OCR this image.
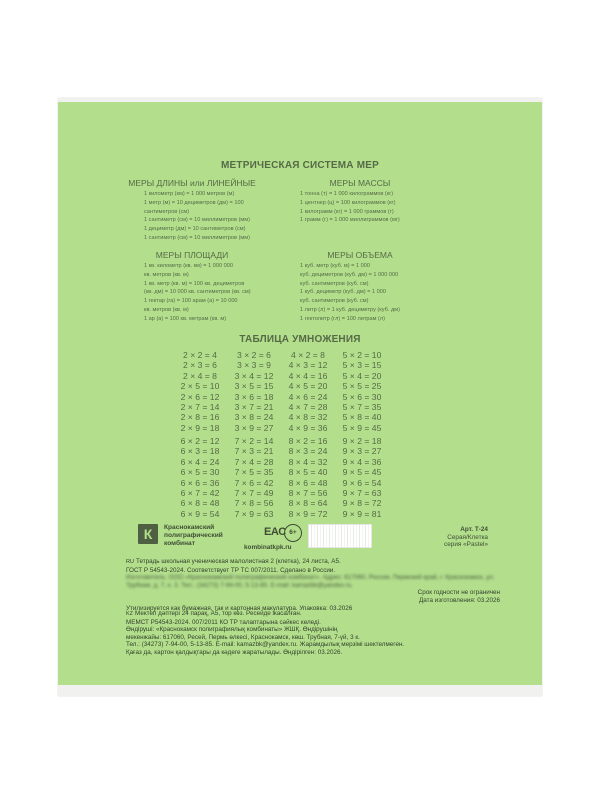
МЕТРИЧЕСКАЯ СИСТЕМА МЕР
МЕРЫ ДЛИНЫ или ЛИНЕЙНЫЕ
1 километр (км) = 1 000 метров (м)
1 метр (м) = 10 дециметров (дм) = 100
сантиметров (см)
1 сантиметр (см) = 10 миллиметров (мм)
1 дециметр (дм) = 10 сантиметров (см)
1 сантиметр (см) = 10 миллиметров (мм)
МЕРЫ МАССЫ
1 тонна (т) = 1 000 килограммов (кг)
1 центнер (ц) = 100 килограммов (кг)
1 килограмм (кг) = 1 000 граммов (г)
1 грамм (г) = 1 000 миллиграммов (мг)
МЕРЫ ПЛОЩАДИ
1 кв. километр (кв. км) = 1 000 000
кв. метров (кв. м)
1 кв. метр (кв. м) = 100 кв. дециметров
(кв. дм) = 10 000 кв. сантиметров (кв. см)
1 гектар (га) = 100 арам (а) = 10 000
кв. метров (кв. м)
1 ар (а) = 100 кв. метрам (кв. м)
МЕРЫ ОБЪЕМА
1 куб. метр (куб. м) = 1 000
куб. дециметров (куб. дм) = 1 000 000
куб. сантиметров (куб. см)
1 куб. дециметр (куб. дм) = 1 000
куб. сантиметров (куб. см)
1 литр (л) = 1 куб. дециметру (куб. дм)
1 гектолитр (гл) = 100 литрам (л)
ТАБЛИЦА УМНОЖЕНИЯ
2 × 2 = 4
2 × 3 = 6
2 × 4 = 8
2 × 5 = 10
2 × 6 = 12
2 × 7 = 14
2 × 8 = 16
2 × 9 = 18
3 × 2 = 6
3 × 3 = 9
3 × 4 = 12
3 × 5 = 15
3 × 6 = 18
3 × 7 = 21
3 × 8 = 24
3 × 9 = 27
4 × 2 = 8
4 × 3 = 12
4 × 4 = 16
4 × 5 = 20
4 × 6 = 24
4 × 7 = 28
4 × 8 = 32
4 × 9 = 36
5 × 2 = 10
5 × 3 = 15
5 × 4 = 20
5 × 5 = 25
5 × 6 = 30
5 × 7 = 35
5 × 8 = 40
5 × 9 = 45
6 × 2 = 12
6 × 3 = 18
6 × 4 = 24
6 × 5 = 30
6 × 6 = 36
6 × 7 = 42
6 × 8 = 48
6 × 9 = 54
7 × 2 = 14
7 × 3 = 21
7 × 4 = 28
7 × 5 = 35
7 × 6 = 42
7 × 7 = 49
7 × 8 = 56
7 × 9 = 63
8 × 2 = 16
8 × 3 = 24
8 × 4 = 32
8 × 5 = 40
8 × 6 = 48
8 × 7 = 56
8 × 8 = 64
8 × 9 = 72
9 × 2 = 18
9 × 3 = 27
9 × 4 = 36
9 × 5 = 45
9 × 6 = 54
9 × 7 = 63
9 × 8 = 72
9 × 9 = 81
К	Краснокамский
полиграфический
комбинат
EAC 6+
kombinatkpk.ru
Арт. Т-24
Серая/Клетка
серия «Pastel»
RU Тетрадь школьная ученическая малолистная 2 (клетка), 24 листа, А5.
ГОСТ Р 54543-2024. Соответствует ТР ТС 007/2011. Сделано в России.
Изготовитель: ООО «Краснокамский полиграфический комбинат». Адрес: 617060, Россия, Пермский край, г. Краснокамск, ул. Трубная, д. 7, к. 3. Тел.: (34273) 7-94-00, 5-13-85. E-mail: kamazbk@yandex.ru.
Срок годности не ограничен
Дата изготовления: 03.2026
Утилизируется как бумажная, так и картонная макулатура. Упаковка: 03.2026
KZ Мектеп дәптері 24 парақ, А5, тор көз. Ресейде жасалған.
МЕМСТ Р54543-2024. 007/2011 КО ТР талаптарына сәйкес келеді.
Өндіруші: «Краснокамск полиграфиялық комбинаты» ЖШҚ. Өндірушінің
мекенжайы: 617060, Ресей, Пермь өлкесі, Краснокамск, көш. Трубная, 7-үй, 3 к.
Тел.: (34273) 7-94-00, 5-13-85. E-mail: kamazbk@yandex.ru. Жарамдылық мерзімі шектелмеген.
Қағаз да, картон қалдықтары да кәдеге жаратылады. Өндірілген: 03.2026.
